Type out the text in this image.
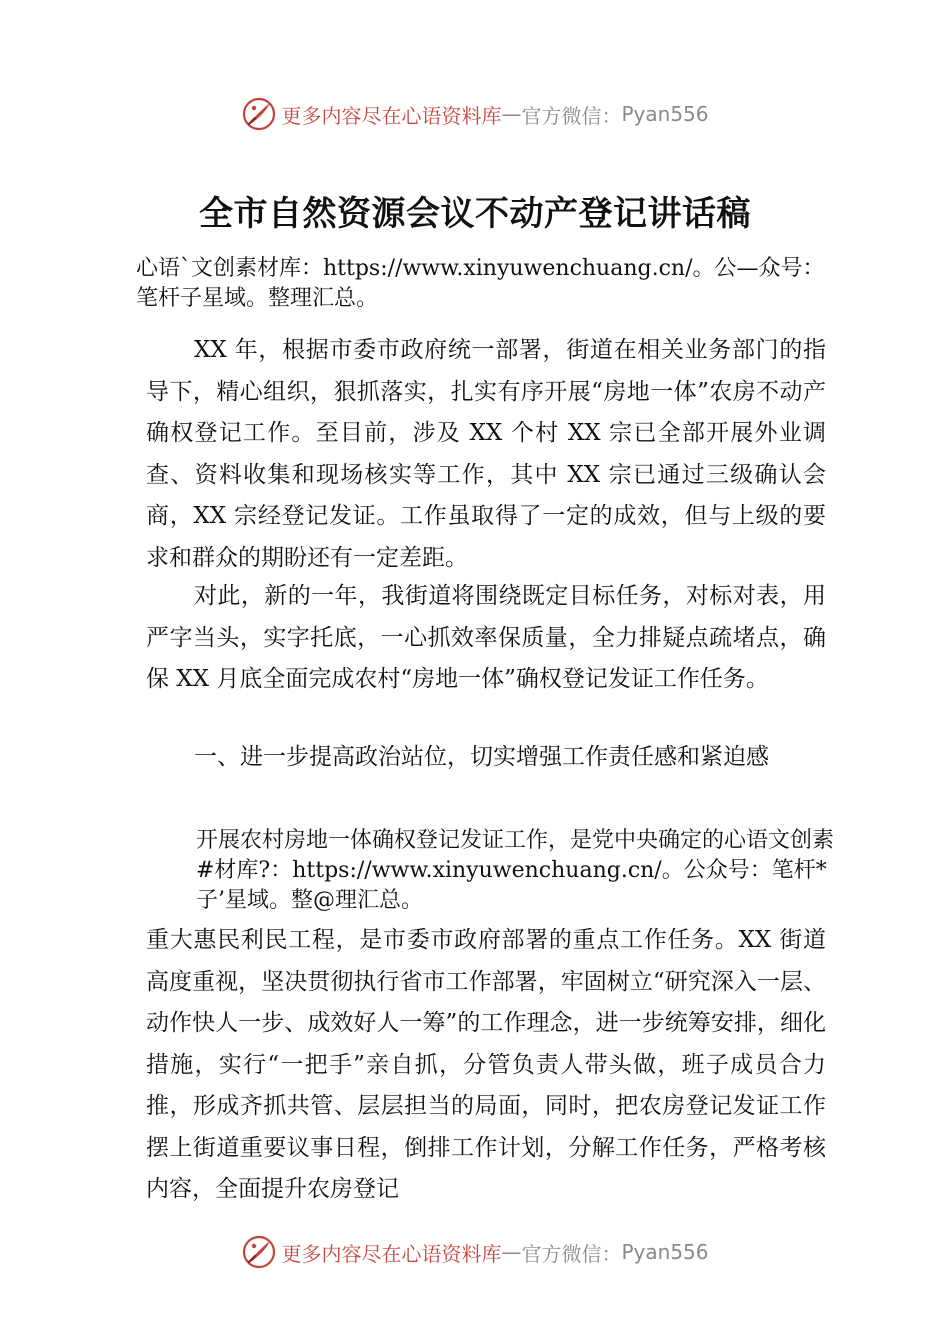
更多内容尽在心语资料库 — 官方微信： Pyan556
全市自然资源会议不动产登记讲话稿
心语`文创素材库：https://www.xinyuwenchuang.cn/。公—众号：笔杆子星域。整理汇总。
XX 年，根据市委市政府统一部署，街道在相关业务部门的指导下，精心组织，狠抓落实，扎实有序开展“房地一体”农房不动产确权登记工作。至目前，涉及 XX 个村 XX 宗已全部开展外业调查、资料收集和现场核实等工作，其中 XX 宗已通过三级确认会商，XX 宗经登记发证。工作虽取得了一定的成效，但与上级的要求和群众的期盼还有一定差距。
对此，新的一年，我街道将围绕既定目标任务，对标对表，用严字当头，实字托底，一心抓效率保质量，全力排疑点疏堵点，确保 XX 月底全面完成农村“房地一体”确权登记发证工作任务。
一、进一步提高政治站位，切实增强工作责任感和紧迫感
开展农村房地一体确权登记发证工作，是党中央确定的心语文创素#材库?：https://www.xinyuwenchuang.cn/。公众号：笔杆*子’星域。整@理汇总。
重大惠民利民工程，是市委市政府部署的重点工作任务。XX 街道高度重视，坚决贯彻执行省市工作部署，牢固树立“研究深入一层、动作快人一步、成效好人一筹”的工作理念，进一步统筹安排，细化措施，实行“一把手”亲自抓，分管负责人带头做，班子成员合力推，形成齐抓共管、层层担当的局面，同时，把农房登记发证工作摆上街道重要议事日程，倒排工作计划，分解工作任务，严格考核内容，全面提升农房登记
更多内容尽在心语资料库 — 官方微信： Pyan556
